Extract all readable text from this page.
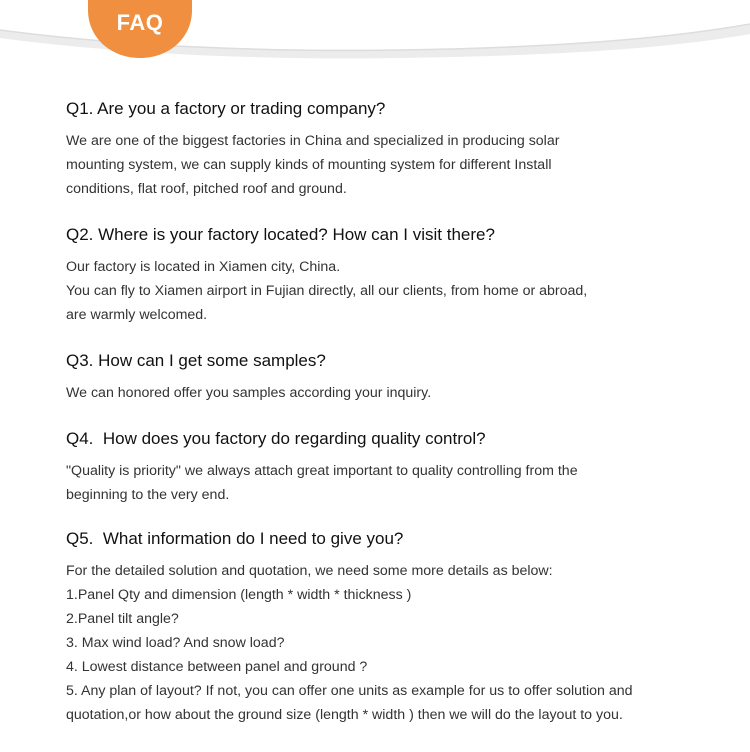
FAQ

Q1. Are you a factory or trading company?

We are one of the biggest factories in China and specialized in producing solar
mounting system, we can supply kinds of mounting system for different Install
conditions, flat roof, pitched roof and ground.

Q2. Where is your factory located? How can I visit there?

Our factory is located in Xiamen city, China.
You can fly to Xiamen airport in Fujian directly, all our clients, from home or abroad,
are warmly welcomed.

Q3. How can I get some samples?

We can honored offer you samples according your inquiry.

Q4.  How does you factory do regarding quality control?

"Quality is priority" we always attach great important to quality controlling from the
beginning to the very end.

Q5.  What information do I need to give you?

For the detailed solution and quotation, we need some more details as below:
1.Panel Qty and dimension (length * width * thickness )
2.Panel tilt angle?
3. Max wind load? And snow load?
4. Lowest distance between panel and ground ?
5. Any plan of layout? If not, you can offer one units as example for us to offer solution and
quotation,or how about the ground size (length * width ) then we will do the layout to you.
